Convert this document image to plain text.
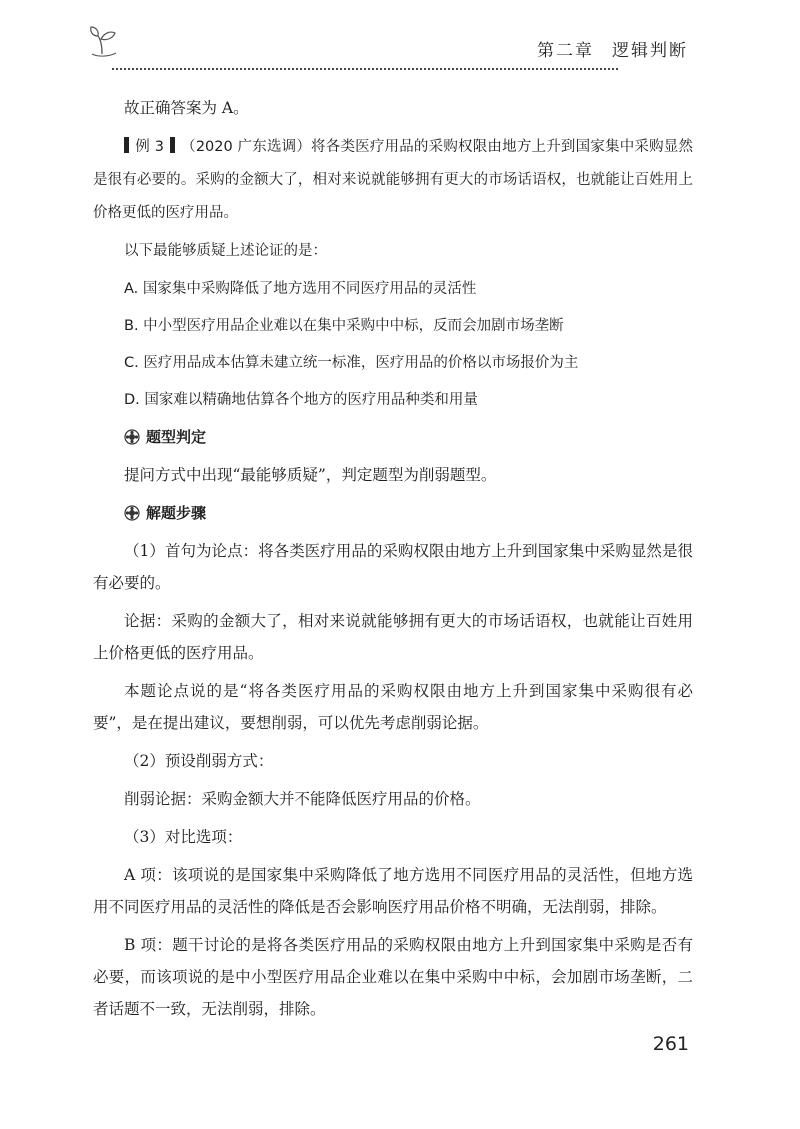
第二章 逻辑判断

故正确答案为 A。

例 3 （2020 广东选调）将各类医疗用品的采购权限由地方上升到国家集中采购显然是很有必要的。采购的金额大了，相对来说就能够拥有更大的市场话语权，也就能让百姓用上价格更低的医疗用品。

以下最能够质疑上述论证的是：

A. 国家集中采购降低了地方选用不同医疗用品的灵活性

B. 中小型医疗用品企业难以在集中采购中中标，反而会加剧市场垄断

C. 医疗用品成本估算未建立统一标准，医疗用品的价格以市场报价为主

D. 国家难以精确地估算各个地方的医疗用品种类和用量

题型判定

提问方式中出现“最能够质疑”，判定题型为削弱题型。

解题步骤

（1）首句为论点：将各类医疗用品的采购权限由地方上升到国家集中采购显然是很有必要的。

论据：采购的金额大了，相对来说就能够拥有更大的市场话语权，也就能让百姓用上价格更低的医疗用品。

本题论点说的是“将各类医疗用品的采购权限由地方上升到国家集中采购很有必要”，是在提出建议，要想削弱，可以优先考虑削弱论据。

（2）预设削弱方式：

削弱论据：采购金额大并不能降低医疗用品的价格。

（3）对比选项：

A 项：该项说的是国家集中采购降低了地方选用不同医疗用品的灵活性，但地方选用不同医疗用品的灵活性的降低是否会影响医疗用品价格不明确，无法削弱，排除。

B 项：题干讨论的是将各类医疗用品的采购权限由地方上升到国家集中采购是否有必要，而该项说的是中小型医疗用品企业难以在集中采购中中标，会加剧市场垄断，二者话题不一致，无法削弱，排除。

261
